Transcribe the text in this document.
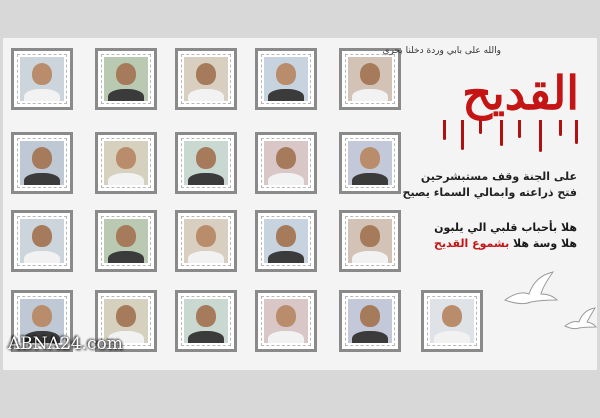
والله على بابي وردة دخلنا بحري
القديح
على الجنة وقف مستبشرحين
فتح ذراعته وابمالي السماء يصيح
هلا بأحباب قلبي الي يلبون
هلا وسة هلا بشموع القديح
ABNA24.com
